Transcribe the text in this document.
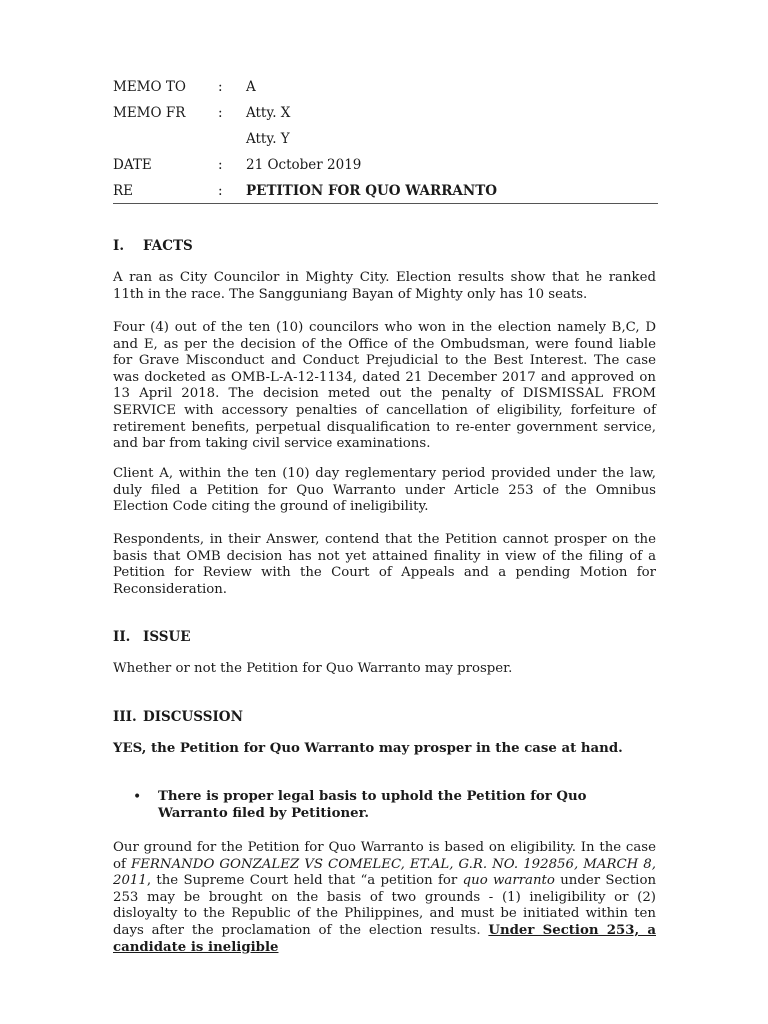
MEMO TO : A
MEMO FR : Atty. X
Atty. Y
DATE	: 21 October 2019
RE	: PETITION FOR QUO WARRANTO
I. FACTS

A ran as City Councilor in Mighty City. Election results show that he ranked 11th in the race. The Sangguniang Bayan of Mighty only has 10 seats.

Four (4) out of the ten (10) councilors who won in the election namely B,C, D and E, as per the decision of the Office of the Ombudsman, were found liable for Grave Misconduct and Conduct Prejudicial to the Best Interest. The case was docketed as OMB-L-A-12-1134, dated 21 December 2017 and approved on 13 April 2018. The decision meted out the penalty of DISMISSAL FROM SERVICE with accessory penalties of cancellation of eligibility, forfeiture of retirement benefits, perpetual disqualification to re-enter government service, and bar from taking civil service examinations.

Client A, within the ten (10) day reglementary period provided under the law, duly filed a Petition for Quo Warranto under Article 253 of the Omnibus Election Code citing the ground of ineligibility.

Respondents, in their Answer, contend that the Petition cannot prosper on the basis that OMB decision has not yet attained finality in view of the filing of a Petition for Review with the Court of Appeals and a pending Motion for Reconsideration.

II. ISSUE

Whether or not the Petition for Quo Warranto may prosper.

III. DISCUSSION

YES, the Petition for Quo Warranto may prosper in the case at hand.

• There is proper legal basis to uphold the Petition for Quo Warranto filed by Petitioner.

Our ground for the Petition for Quo Warranto is based on eligibility. In the case of FERNANDO GONZALEZ VS COMELEC, ET.AL, G.R. NO. 192856, MARCH 8, 2011, the Supreme Court held that “a petition for quo warranto under Section 253 may be brought on the basis of two grounds - (1) ineligibility or (2) disloyalty to the Republic of the Philippines, and must be initiated within ten days after the proclamation of the election results. Under Section 253, a candidate is ineligible
